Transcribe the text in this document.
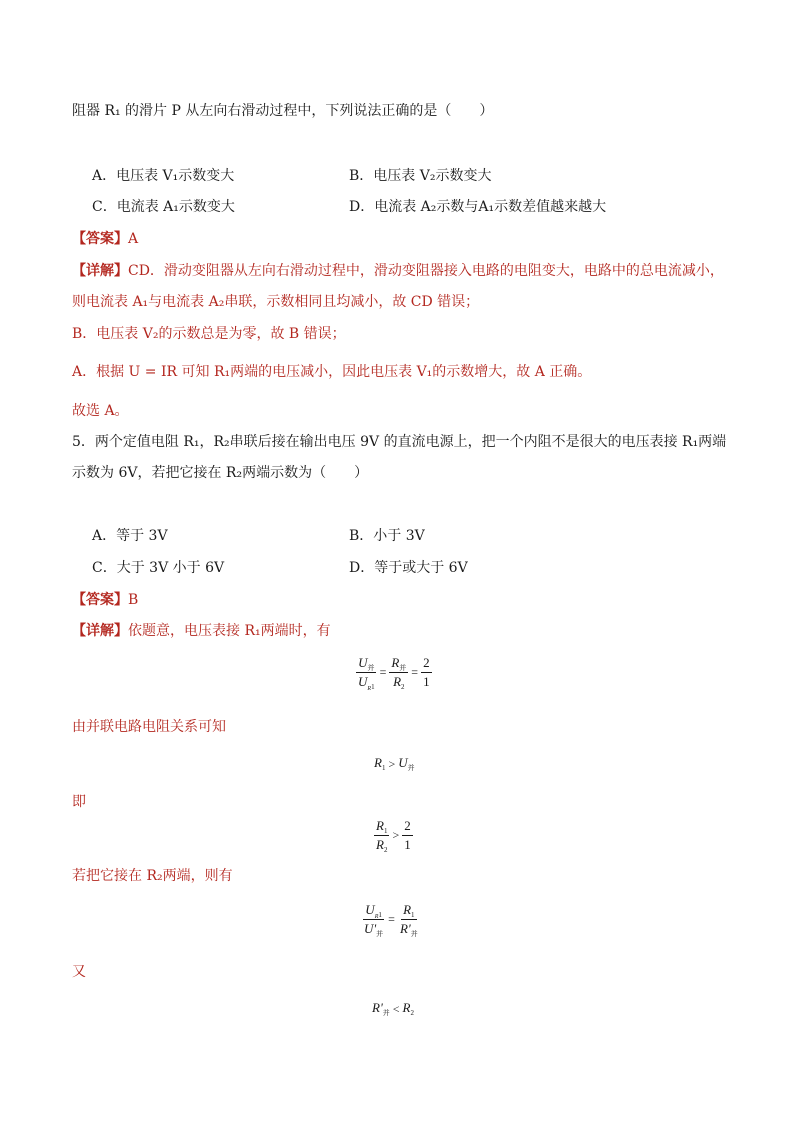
阻器 R₁ 的滑片 P 从左向右滑动过程中，下列说法正确的是（　　）
A．电压表 V₁示数变大	B．电压表 V₂示数变大
C．电流表 A₁示数变大	D．电流表 A₂示数与A₁示数差值越来越大
【答案】A
【详解】CD．滑动变阻器从左向右滑动过程中，滑动变阻器接入电路的电阻变大，电路中的总电流减小，
则电流表 A₁与电流表 A₂串联，示数相同且均减小，故 CD 错误；
B．电压表 V₂的示数总是为零，故 B 错误；
A．根据 U = IR 可知 R₁两端的电压减小，因此电压表 V₁的示数增大，故 A 正确。
故选 A。
5．两个定值电阻 R₁，R₂串联后接在输出电压 9V 的直流电源上，把一个内阻不是很大的电压表接 R₁两端
示数为 6V，若把它接在 R₂两端示数为（　　）
A．等于 3V	B．小于 3V
C．大于 3V 小于 6V	D．等于或大于 6V
【答案】B
【详解】依题意，电压表接 R₁两端时，有
$\frac{U_并}{U_{R1}} = \frac{R_并}{R_2} = \frac{2}{1}$
由并联电路电阻关系可知
$R_1 > U_并$
即
$\frac{R_1}{R_2} > \frac{2}{1}$
若把它接在 R₂两端，则有
$\frac{U_{R1}}{U'_并} = \frac{R_1}{R'_并}$
又
$R'_并 < R_2$
